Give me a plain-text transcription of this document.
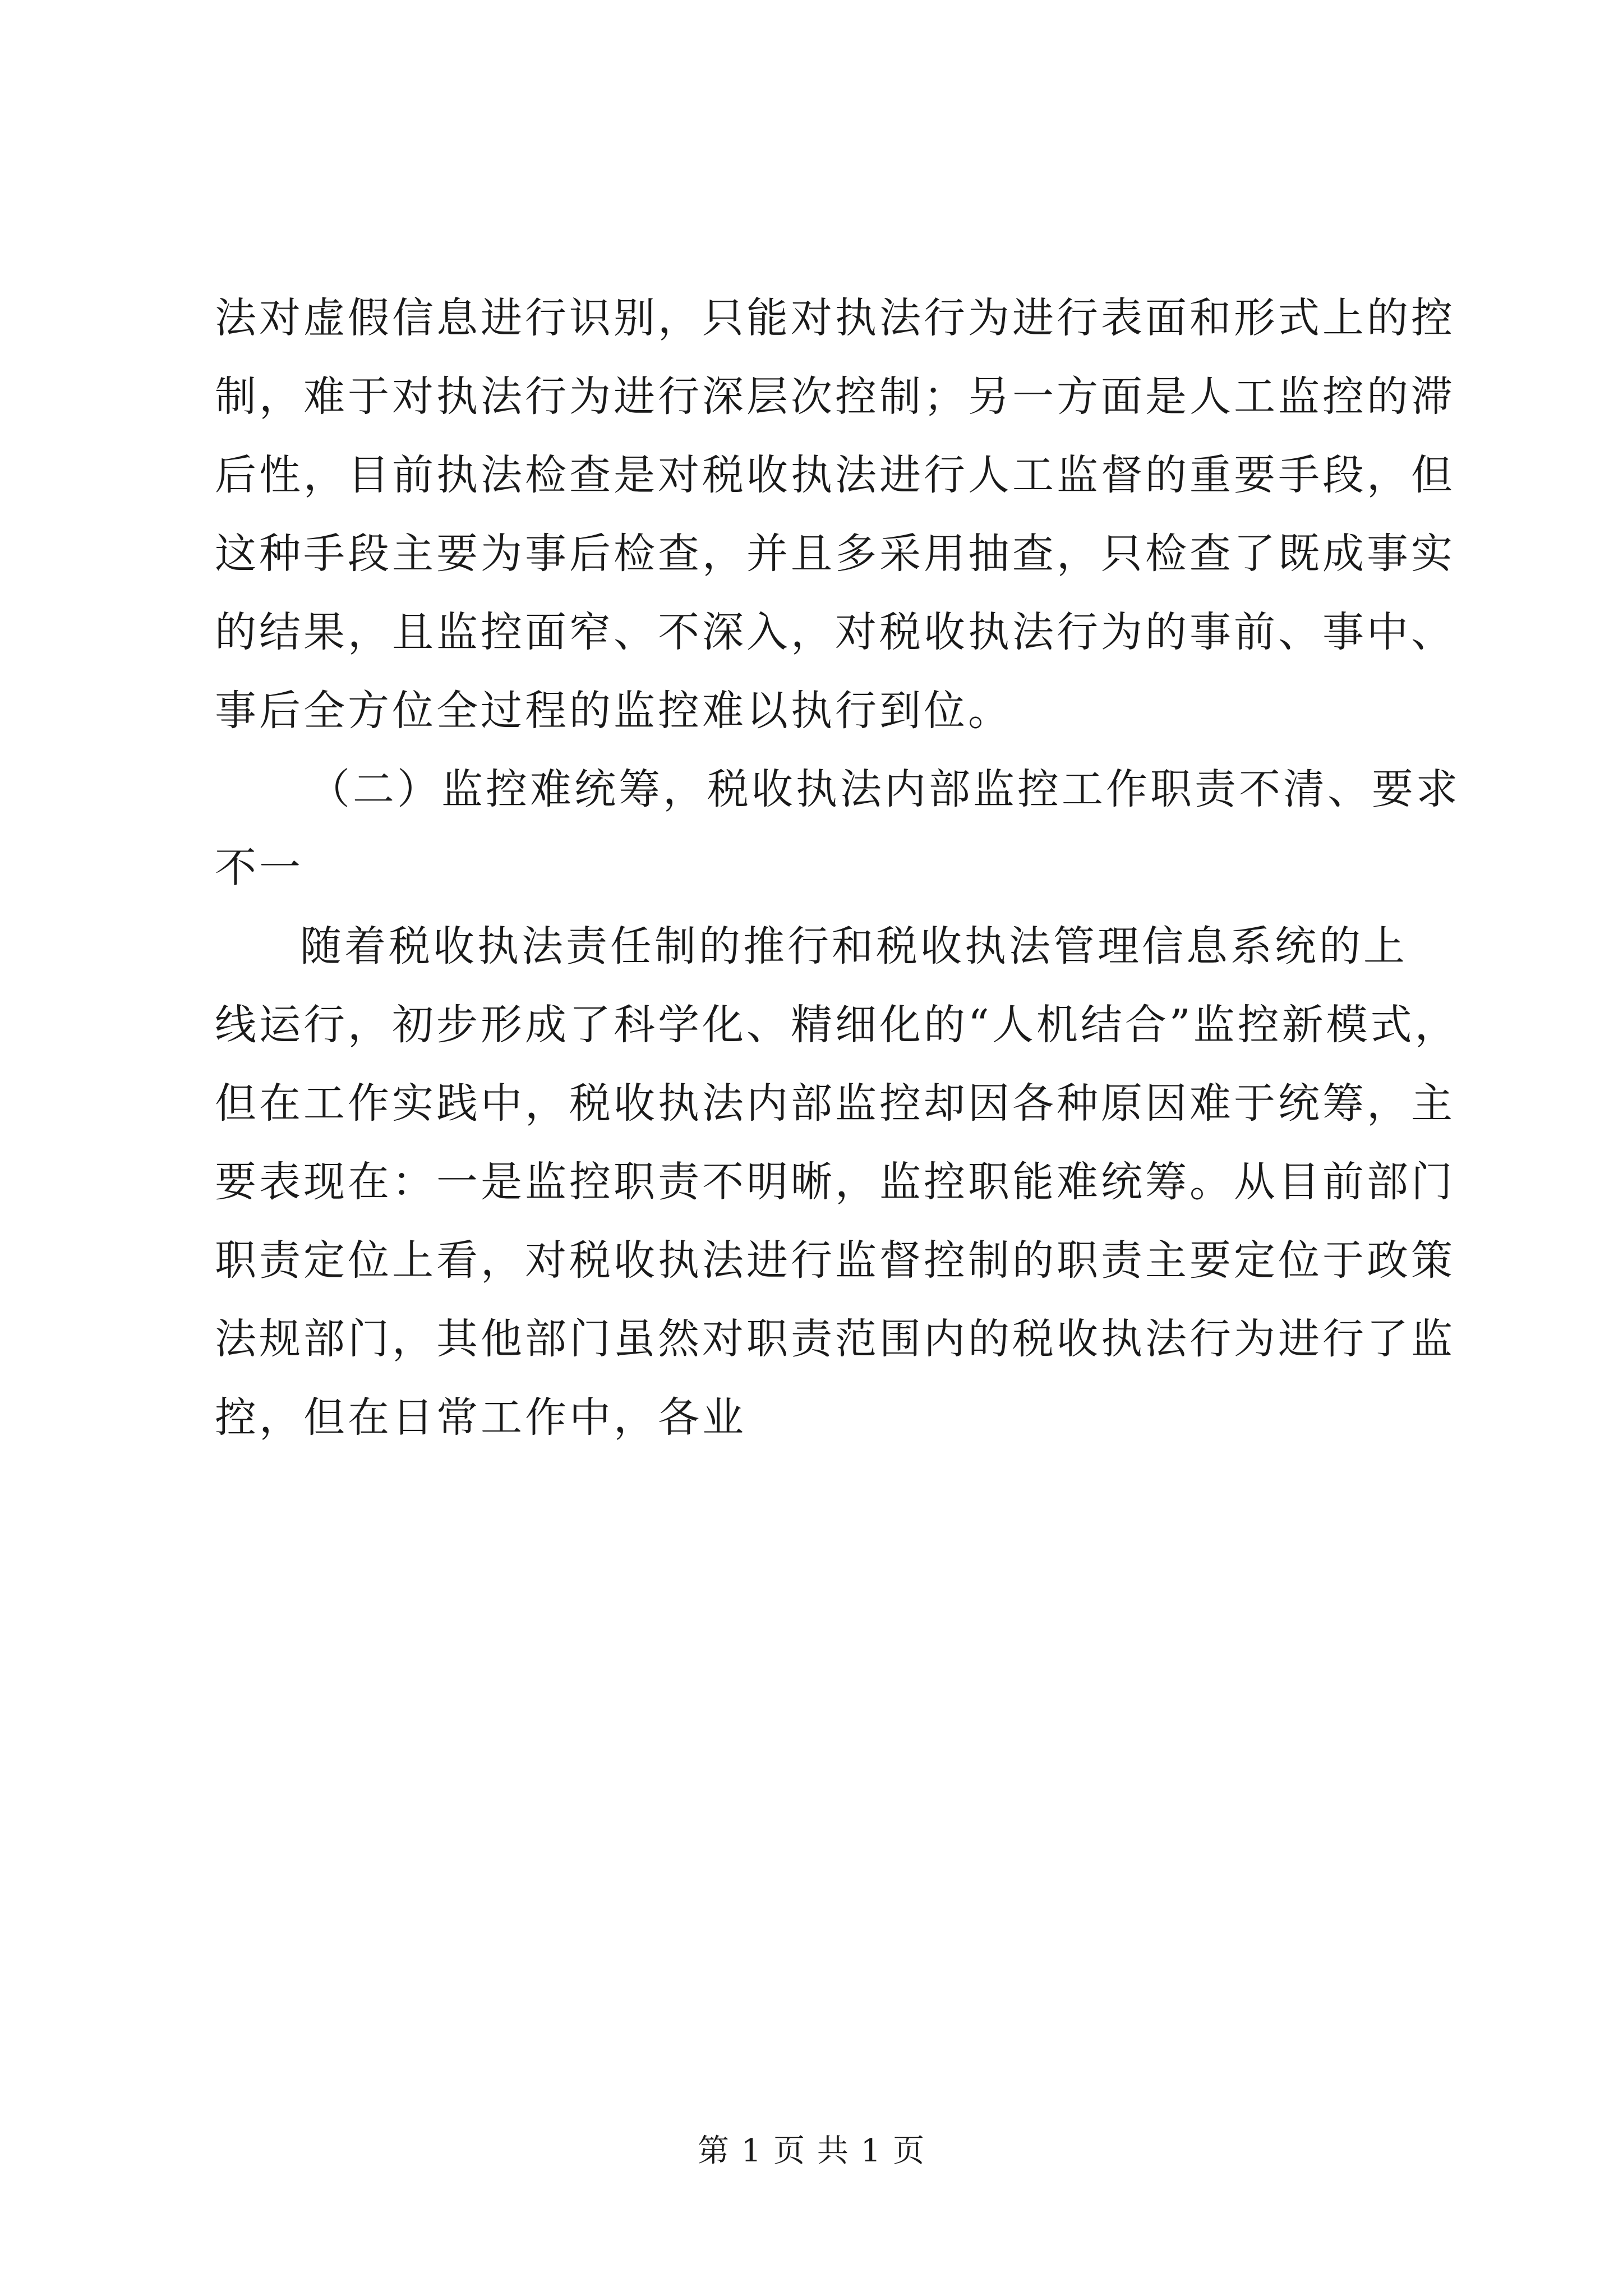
法对虚假信息进行识别，只能对执法行为进行表面和形式上的控
制，难于对执法行为进行深层次控制；另一方面是人工监控的滞
后性，目前执法检查是对税收执法进行人工监督的重要手段，但
这种手段主要为事后检查，并且多采用抽查，只检查了既成事实
的结果，且监控面窄、不深入，对税收执法行为的事前、事中、
事后全方位全过程的监控难以执行到位。
（二）监控难统筹，税收执法内部监控工作职责不清、要求
不一
随着税收执法责任制的推行和税收执法管理信息系统的上
线运行，初步形成了科学化、精细化的“人机结合”监控新模式，
但在工作实践中，税收执法内部监控却因各种原因难于统筹，主
要表现在：一是监控职责不明晰，监控职能难统筹。从目前部门
职责定位上看，对税收执法进行监督控制的职责主要定位于政策
法规部门，其他部门虽然对职责范围内的税收执法行为进行了监
控，但在日常工作中，各业
第 1 页 共 1 页
